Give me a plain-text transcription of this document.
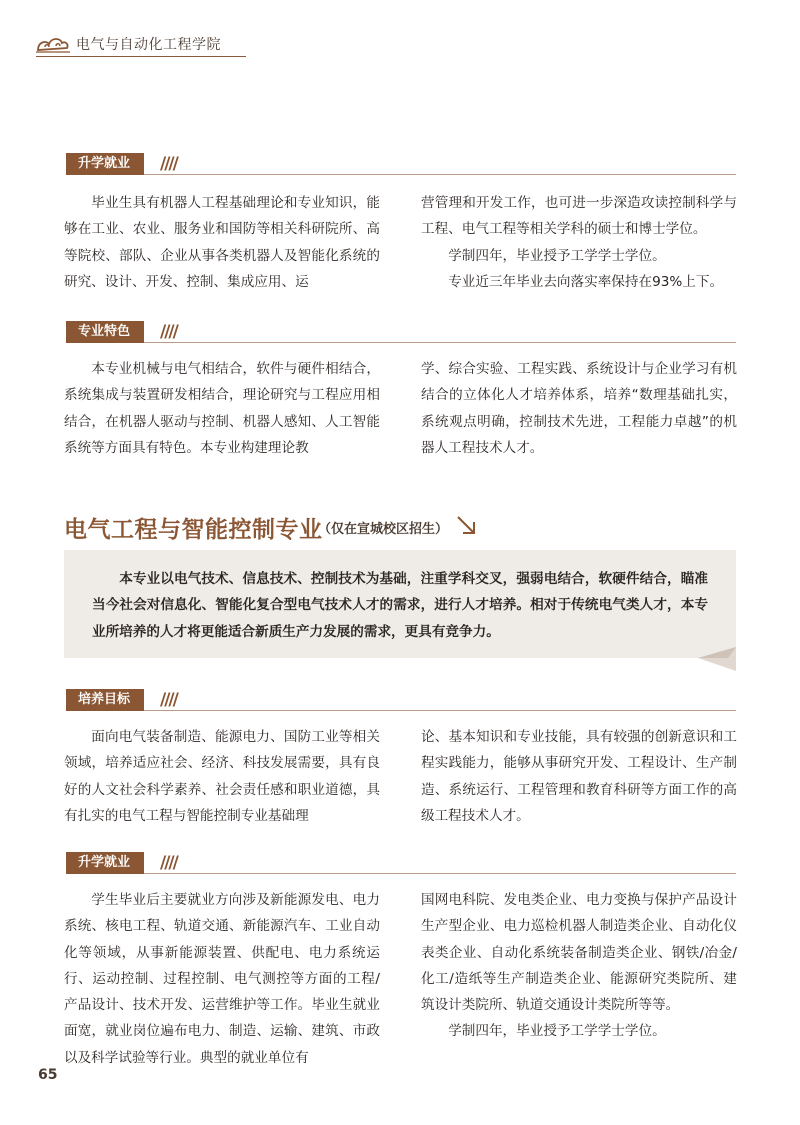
电气与自动化工程学院
升学就业	////

毕业生具有机器人工程基础理论和专业知识，能够在工业、农业、服务业和国防等相关科研院所、高等院校、部队、企业从事各类机器人及智能化系统的研究、设计、开发、控制、集成应用、运

营管理和开发工作，也可进一步深造攻读控制科学与工程、电气工程等相关学科的硕士和博士学位。

学制四年，毕业授予工学学士学位。

专业近三年毕业去向落实率保持在93%上下。

专业特色	////

本专业机械与电气相结合，软件与硬件相结合，系统集成与装置研发相结合，理论研究与工程应用相结合，在机器人驱动与控制、机器人感知、人工智能系统等方面具有特色。本专业构建理论教

学、综合实验、工程实践、系统设计与企业学习有机结合的立体化人才培养体系，培养“数理基础扎实，系统观点明确，控制技术先进，工程能力卓越”的机器人工程技术人才。

电气工程与智能控制专业
（仅在宣城校区招生）

本专业以电气技术、信息技术、控制技术为基础，注重学科交叉，强弱电结合，软硬件结合，瞄准当今社会对信息化、智能化复合型电气技术人才的需求，进行人才培养。相对于传统电气类人才，本专业所培养的人才将更能适合新质生产力发展的需求，更具有竞争力。

培养目标	////

面向电气装备制造、能源电力、国防工业等相关领域，培养适应社会、经济、科技发展需要，具有良好的人文社会科学素养、社会责任感和职业道德，具有扎实的电气工程与智能控制专业基础理

论、基本知识和专业技能，具有较强的创新意识和工程实践能力，能够从事研究开发、工程设计、生产制造、系统运行、工程管理和教育科研等方面工作的高级工程技术人才。

升学就业	////

学生毕业后主要就业方向涉及新能源发电、电力系统、核电工程、轨道交通、新能源汽车、工业自动化等领域，从事新能源装置、供配电、电力系统运行、运动控制、过程控制、电气测控等方面的工程/产品设计、技术开发、运营维护等工作。毕业生就业面宽，就业岗位遍布电力、制造、运输、建筑、市政以及科学试验等行业。典型的就业单位有

国网电科院、发电类企业、电力变换与保护产品设计生产型企业、电力巡检机器人制造类企业、自动化仪表类企业、自动化系统装备制造类企业、钢铁/冶金/化工/造纸等生产制造类企业、能源研究类院所、建筑设计类院所、轨道交通设计类院所等等。

学制四年，毕业授予工学学士学位。

65
